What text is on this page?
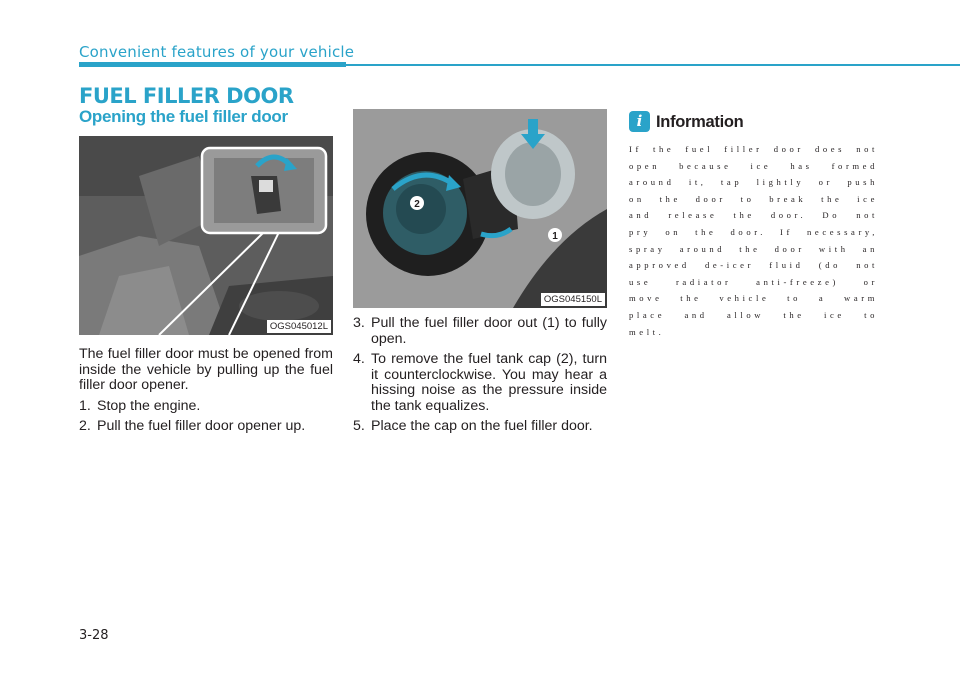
Convenient features of your vehicle
FUEL FILLER DOOR
Opening the fuel filler door
OGS045012L
2
1
OGS045150L

The fuel filler door must be opened from inside the vehicle by pulling up the fuel filler door opener.

1. Stop the engine.

2. Pull the fuel filler door opener up.

3. Pull the fuel filler door out (1) to fully open.

4. To remove the fuel tank cap (2), turn it counterclockwise. You may hear a hissing noise as the pressure inside the tank equalizes.

5. Place the cap on the fuel filler door.

i Information
If the fuel filler door does not open because ice has formed around it, tap lightly or push on the door to break the ice and release the door. Do not pry on the door. If necessary, spray around the door with an approved de-icer fluid (do not use radiator anti-freeze) or move the vehicle to a warm place and allow the ice to melt.
3-28
